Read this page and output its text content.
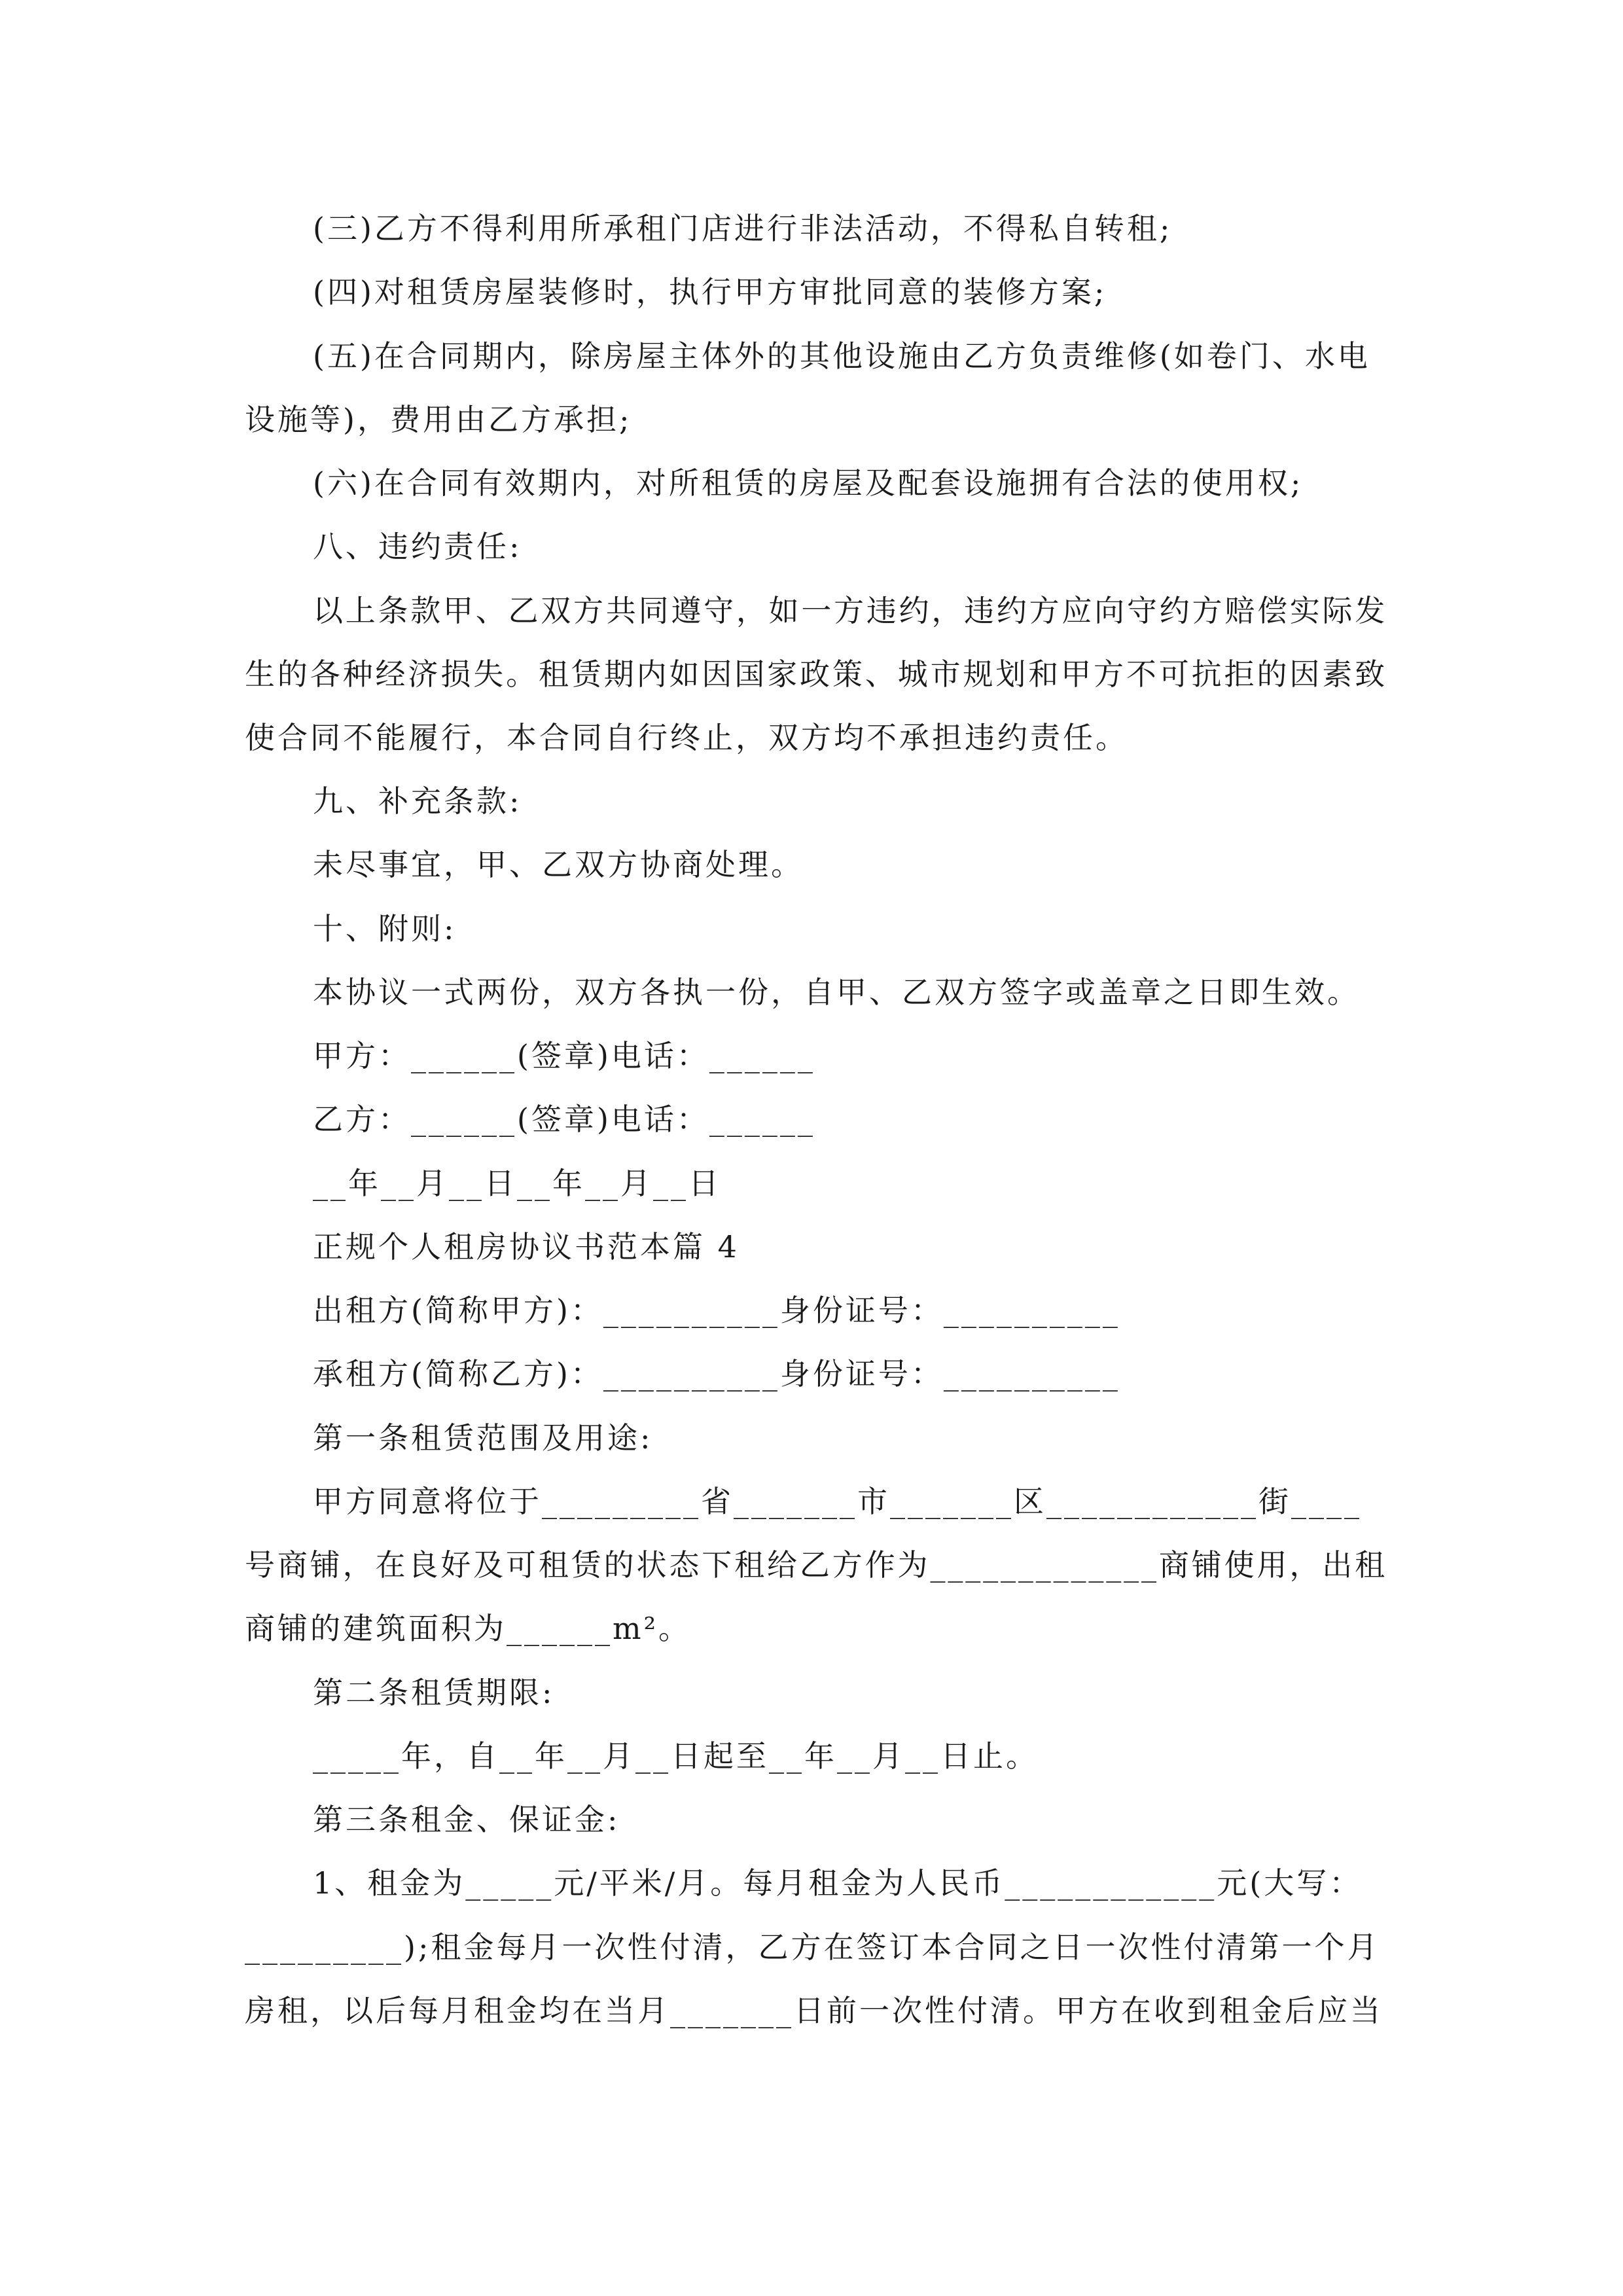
(三)乙方不得利用所承租门店进行非法活动，不得私自转租;
(四)对租赁房屋装修时，执行甲方审批同意的装修方案;
(五)在合同期内，除房屋主体外的其他设施由乙方负责维修(如卷门、水电
设施等)，费用由乙方承担;
(六)在合同有效期内，对所租赁的房屋及配套设施拥有合法的使用权;
八、违约责任:
以上条款甲、乙双方共同遵守，如一方违约，违约方应向守约方赔偿实际发
生的各种经济损失。租赁期内如因国家政策、城市规划和甲方不可抗拒的因素致
使合同不能履行，本合同自行终止，双方均不承担违约责任。
九、补充条款:
未尽事宜，甲、乙双方协商处理。
十、附则:
本协议一式两份，双方各执一份，自甲、乙双方签字或盖章之日即生效。
甲方：______(签章)电话：______
乙方：______(签章)电话：______
__年__月__日__年__月__日
正规个人租房协议书范本篇 4
出租方(简称甲方)：__________身份证号：__________
承租方(简称乙方)：__________身份证号：__________
第一条租赁范围及用途:
甲方同意将位于_________省_______市_______区____________街____
号商铺，在良好及可租赁的状态下租给乙方作为_____________商铺使用，出租
商铺的建筑面积为______m²。
第二条租赁期限:
_____年，自__年__月__日起至__年__月__日止。
第三条租金、保证金:
1、租金为_____元/平米/月。每月租金为人民币____________元(大写：
_________);租金每月一次性付清，乙方在签订本合同之日一次性付清第一个月
房租，以后每月租金均在当月_______日前一次性付清。甲方在收到租金后应当
